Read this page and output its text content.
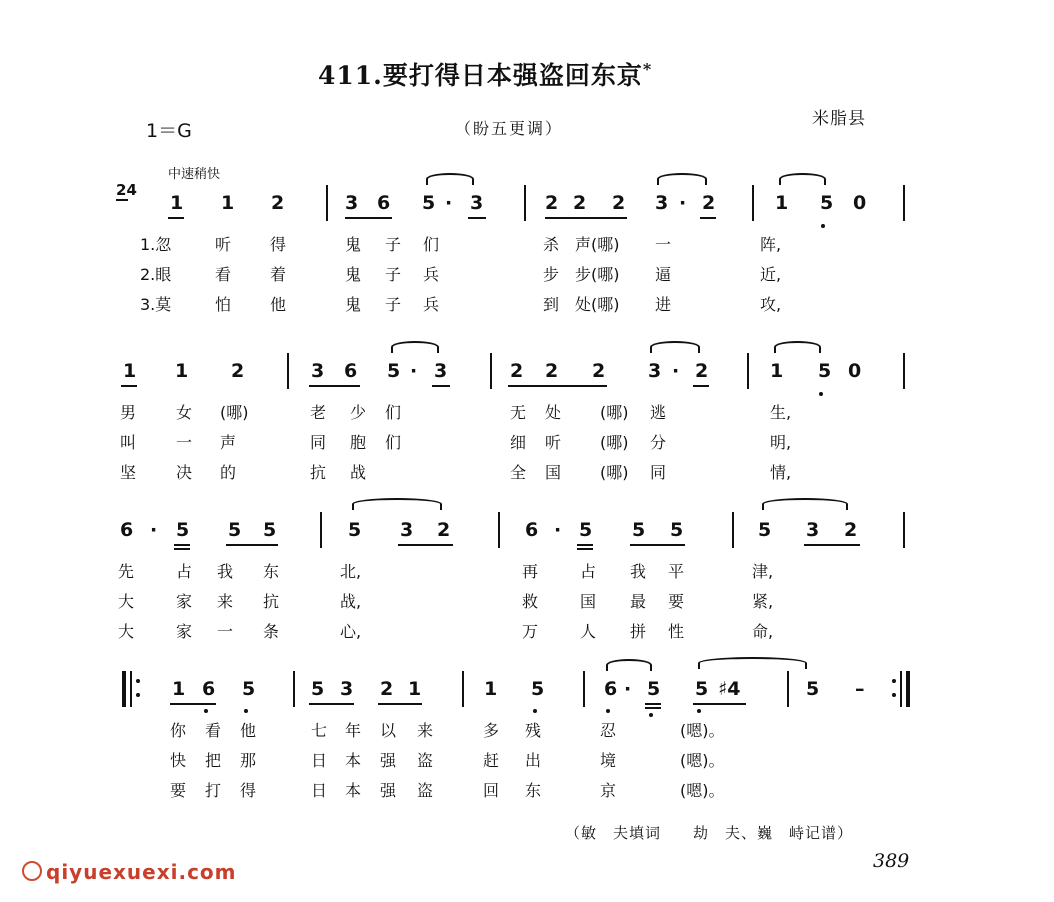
411.要打得日本强盗回东京*
1＝G	（盼五更调）	米脂县
中速稍快
2
4
1 1 2	3 6 5 · 3	2 2 2 3 · 2	1 5 0
1 1 2	3 6 5 · 3	2 2 2 3 · 2	1 5 0
6 · 5 5 5	5 3 2	6 · 5 5 5	5 3 2
1 6 5	5 3 2 1	1 5	6 · 5 5 ♯4	5 –
1.忽	听 得	鬼 子 们	杀 声(哪) 一	阵,
2.眼	看 着	鬼 子 兵	步 步(哪) 逼	近,
3.莫	怕 他	鬼 子 兵	到 处(哪) 进	攻,
男 女 (哪)	老 少 们	无 处 (哪) 逃	生,
叫 一 声	同 胞 们	细 听 (哪) 分	明,
坚 决 的	抗 战	全 国 (哪) 同	情,
先	占 我 东	北,	再	占 我 平	津,
大	家 来 抗	战,	救	国 最 要	紧,
大	家 一 条	心,	万	人 拼 性	命,
你 看 他	七 年 以 来	多 残	忍	(嗯)。
快 把 那	日 本 强 盗	赶 出	境	(嗯)。
要 打 得	日 本 强 盗	回 东	京	(嗯)。
（敏　夫填词　　劫　夫、巍　峙记谱）
389
qiyuexuexi.com
